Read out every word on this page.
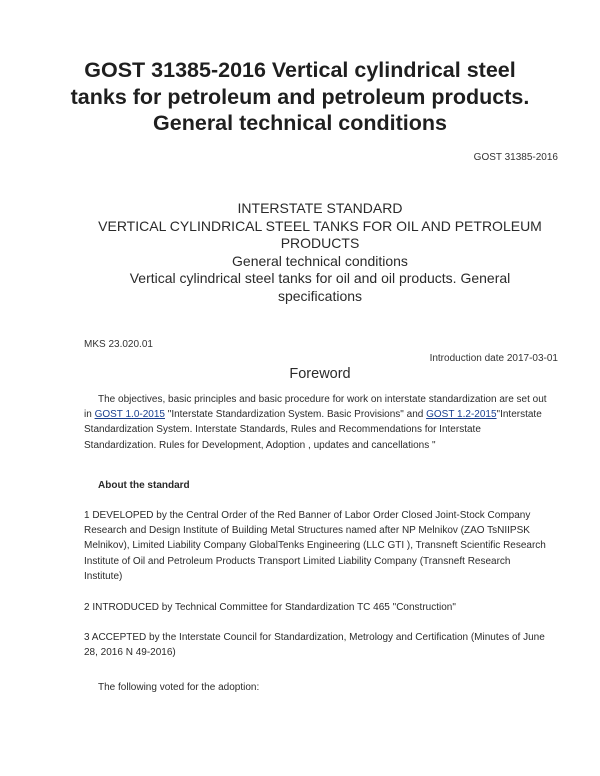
GOST 31385-2016 Vertical cylindrical steel tanks for petroleum and petroleum products. General technical conditions
GOST 31385-2016
INTERSTATE STANDARD
VERTICAL CYLINDRICAL STEEL TANKS FOR OIL AND PETROLEUM PRODUCTS
General technical conditions
Vertical cylindrical steel tanks for oil and oil products. General specifications
MKS 23.020.01
Introduction date 2017-03-01
Foreword

The objectives, basic principles and basic procedure for work on interstate standardization are set out in GOST 1.0-2015 "Interstate Standardization System. Basic Provisions" and GOST 1.2-2015"Interstate Standardization System. Interstate Standards, Rules and Recommendations for Interstate Standardization. Rules for Development, Adoption , updates and cancellations "

About the standard

1 DEVELOPED by the Central Order of the Red Banner of Labor Order Closed Joint-Stock Company Research and Design Institute of Building Metal Structures named after NP Melnikov (ZAO TsNIIPSK Melnikov), Limited Liability Company GlobalTenks Engineering (LLC GTI ), Transneft Scientific Research Institute of Oil and Petroleum Products Transport Limited Liability Company (Transneft Research Institute)

2 INTRODUCED by Technical Committee for Standardization TC 465 "Construction"

3 ACCEPTED by the Interstate Council for Standardization, Metrology and Certification (Minutes of June 28, 2016 N 49-2016)

The following voted for the adoption:
